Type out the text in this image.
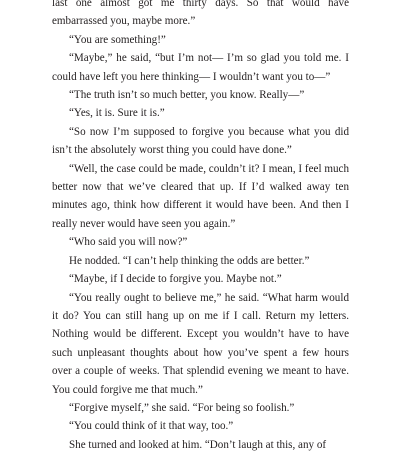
last one almost got me thirty days. So that would have embarrassed you, maybe more.”

“You are something!”

“Maybe,” he said, “but I’m not— I’m so glad you told me. I could have left you here thinking— I wouldn’t want you to—”

“The truth isn’t so much better, you know. Really—”

“Yes, it is. Sure it is.”

“So now I’m supposed to forgive you because what you did isn’t the absolutely worst thing you could have done.”

“Well, the case could be made, couldn’t it? I mean, I feel much better now that we’ve cleared that up. If I’d walked away ten minutes ago, think how different it would have been. And then I really never would have seen you again.”

“Who said you will now?”

He nodded. “I can’t help thinking the odds are better.”

“Maybe, if I decide to forgive you. Maybe not.”

“You really ought to believe me,” he said. “What harm would it do? You can still hang up on me if I call. Return my letters. Nothing would be different. Except you wouldn’t have to have such unpleasant thoughts about how you’ve spent a few hours over a couple of weeks. That splendid evening we meant to have. You could forgive me that much.”

“Forgive myself,” she said. “For being so foolish.”

“You could think of it that way, too.”

She turned and looked at him. “Don’t laugh at this, any of
